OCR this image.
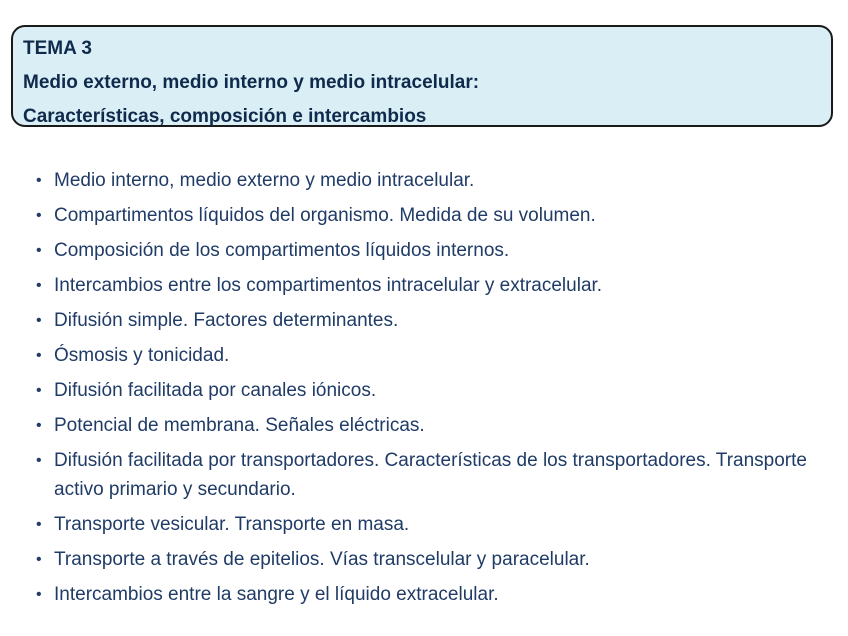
TEMA 3
Medio externo, medio interno y medio intracelular:
Características, composición e intercambios
• Medio interno, medio externo y medio intracelular.
• Compartimentos líquidos del organismo. Medida de su volumen.
• Composición de los compartimentos líquidos internos.
• Intercambios entre los compartimentos intracelular y extracelular.
• Difusión simple. Factores determinantes.
• Ósmosis y tonicidad.
• Difusión facilitada por canales iónicos.
• Potencial de membrana. Señales eléctricas.
• Difusión facilitada por transportadores. Características de los transportadores. Transporte activo primario y secundario.
• Transporte vesicular. Transporte en masa.
• Transporte a través de epitelios. Vías transcelular y paracelular.
• Intercambios entre la sangre y el líquido extracelular.
